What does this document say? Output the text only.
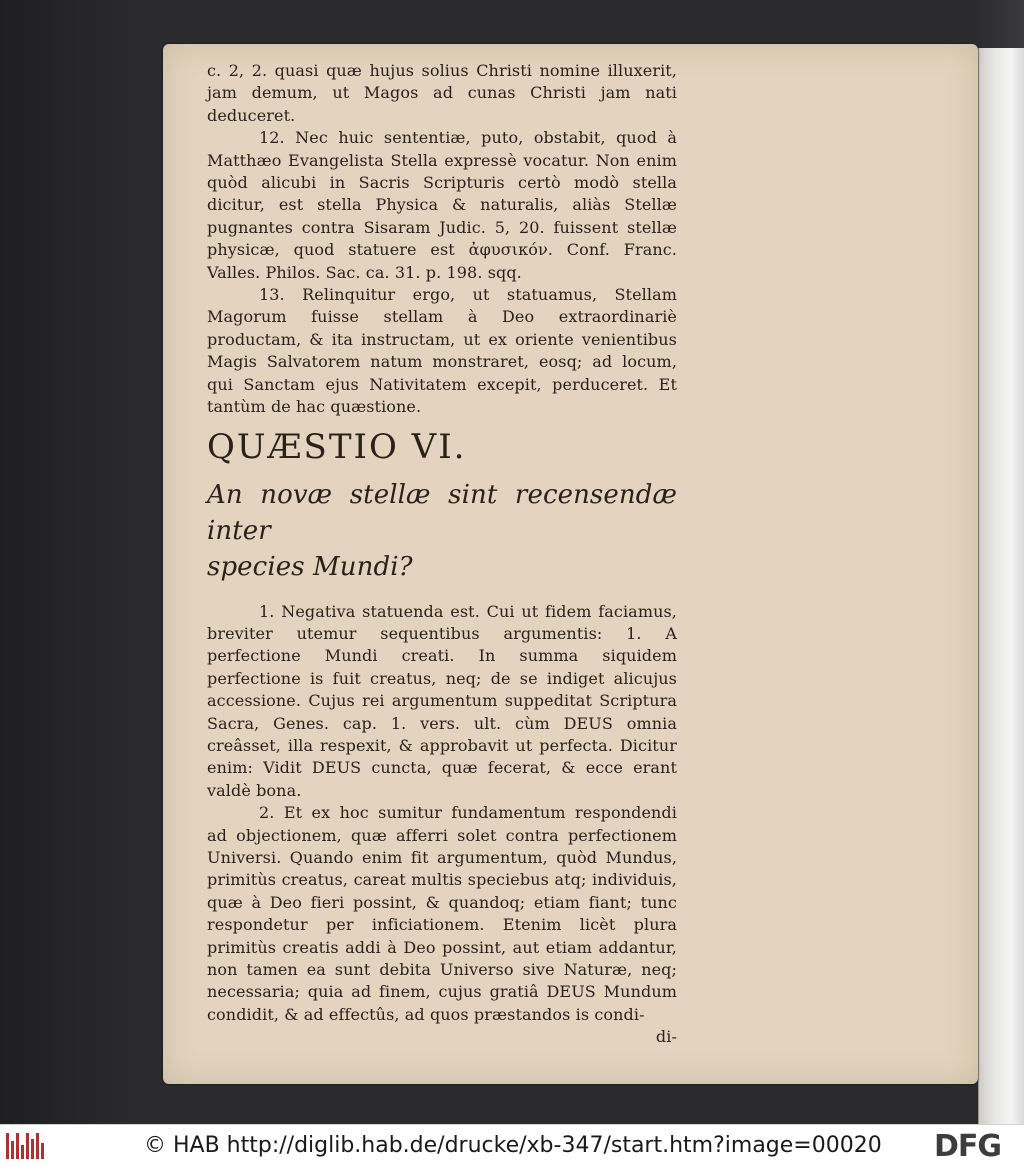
c. 2, 2. quasi quæ hujus solius Christi nomine illuxerit, jam demum, ut Magos ad cunas Christi jam nati deduceret.

12. Nec huic sententiæ, puto, obstabit, quod à Matthæo Evangelista Stella expressè vocatur. Non enim quòd alicubi in Sacris Scripturis certò modò stella dicitur, est stella Physica & naturalis, aliàs Stellæ pugnantes contra Sisaram Judic. 5, 20. fuissent stellæ physicæ, quod statuere est ἀφυσικόν. Conf. Franc. Valles. Philos. Sac. ca. 31. p. 198. sqq.

13. Relinquitur ergo, ut statuamus, Stellam Magorum fuisse stellam à Deo extraordinariè productam, & ita instructam, ut ex oriente venientibus Magis Salvatorem natum monstraret, eosq; ad locum, qui Sanctam ejus Nativitatem excepit, perduceret. Et tantùm de hac quæstione.

QUÆSTIO VI.

An novæ stellæ sint recensendæ inter
species Mundi?

1. Negativa statuenda est. Cui ut fidem faciamus, breviter utemur sequentibus argumentis: 1. A perfectione Mundi creati. In summa siquidem perfectione is fuit creatus, neq; de se indiget alicujus accessione. Cujus rei argumentum suppeditat Scriptura Sacra, Genes. cap. 1. vers. ult. cùm DEUS omnia creâsset, illa respexit, & approbavit ut perfecta. Dicitur enim: Vidit DEUS cuncta, quæ fecerat, & ecce erant valdè bona.

2. Et ex hoc sumitur fundamentum respondendi ad objectionem, quæ afferri solet contra perfectionem Universi. Quando enim fit argumentum, quòd Mundus, primitùs creatus, careat multis speciebus atq; individuis, quæ à Deo fieri possint, & quandoq; etiam fiant; tunc respondetur per inficiationem. Etenim licèt plura primitùs creatis addi à Deo possint, aut etiam addantur, non tamen ea sunt debita Universo sive Naturæ, neq; necessaria; quia ad finem, cujus gratiâ DEUS Mundum condidit, & ad effectûs, ad quos præstandos is condi-

di-

© HAB http://diglib.hab.de/drucke/xb-347/start.htm?image=00020 DFG
